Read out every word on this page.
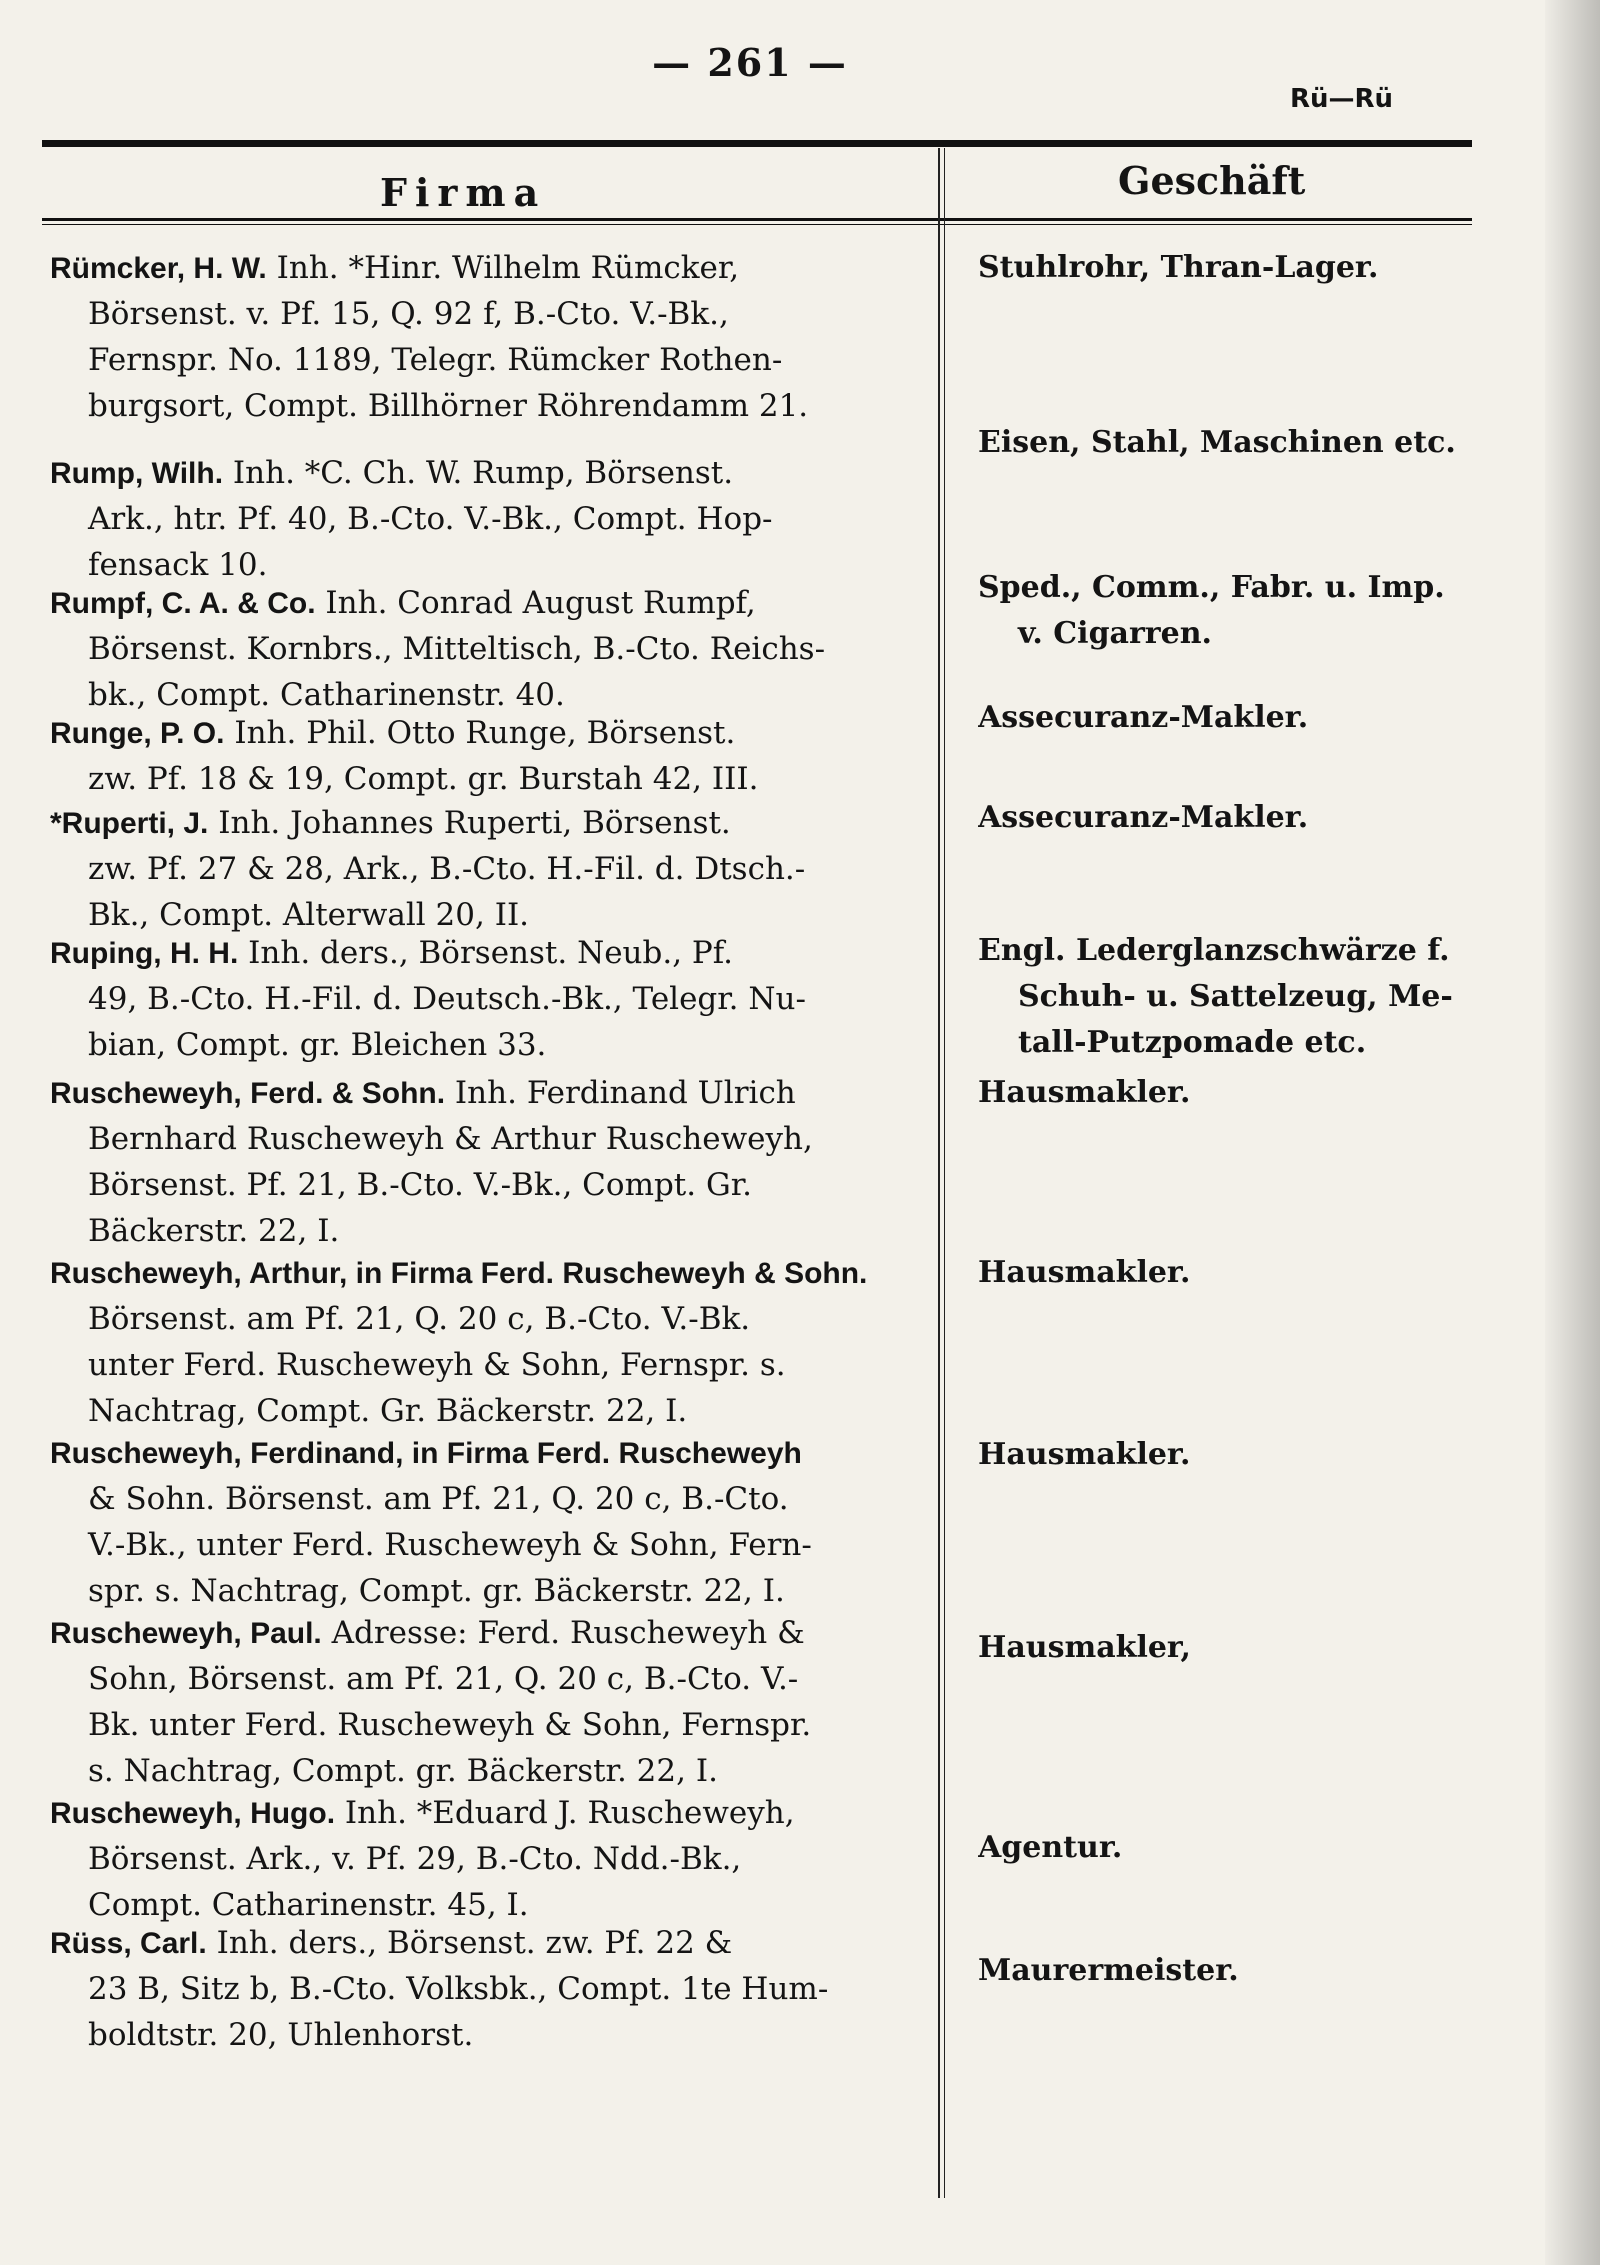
— 261 —
Rü—Rü
Firma	Geschäft
Rümcker, H. W. Inh. *Hinr. Wilhelm Rümcker,
Börsenst. v. Pf. 15, Q. 92 f, B.-Cto. V.-Bk.,
Fernspr. No. 1189, Telegr. Rümcker Rothen-
burgsort, Compt. Billhörner Röhrendamm 21.
Stuhlrohr, Thran-Lager.
Rump, Wilh. Inh. *C. Ch. W. Rump, Börsenst.
Ark., htr. Pf. 40, B.-Cto. V.-Bk., Compt. Hop-
fensack 10.
Eisen, Stahl, Maschinen etc.
Rumpf, C. A. & Co. Inh. Conrad August Rumpf,
Börsenst. Kornbrs., Mitteltisch, B.-Cto. Reichs-
bk., Compt. Catharinenstr. 40.
Sped., Comm., Fabr. u. Imp.
v. Cigarren.
Runge, P. O. Inh. Phil. Otto Runge, Börsenst.
zw. Pf. 18 & 19, Compt. gr. Burstah 42, III.
Assecuranz-Makler.
*Ruperti, J. Inh. Johannes Ruperti, Börsenst.
zw. Pf. 27 & 28, Ark., B.-Cto. H.-Fil. d. Dtsch.-
Bk., Compt. Alterwall 20, II.
Assecuranz-Makler.
Ruping, H. H. Inh. ders., Börsenst. Neub., Pf.
49, B.-Cto. H.-Fil. d. Deutsch.-Bk., Telegr. Nu-
bian, Compt. gr. Bleichen 33.
Engl. Lederglanzschwärze f.
Schuh- u. Sattelzeug, Me-
tall-Putzpomade etc.
Ruscheweyh, Ferd. & Sohn. Inh. Ferdinand Ulrich
Bernhard Ruscheweyh & Arthur Ruscheweyh,
Börsenst. Pf. 21, B.-Cto. V.-Bk., Compt. Gr.
Bäckerstr. 22, I.
Hausmakler.
Ruscheweyh, Arthur, in Firma Ferd. Ruscheweyh & Sohn.
Börsenst. am Pf. 21, Q. 20 c, B.-Cto. V.-Bk.
unter Ferd. Ruscheweyh & Sohn, Fernspr. s.
Nachtrag, Compt. Gr. Bäckerstr. 22, I.
Hausmakler.
Ruscheweyh, Ferdinand, in Firma Ferd. Ruscheweyh
& Sohn. Börsenst. am Pf. 21, Q. 20 c, B.-Cto.
V.-Bk., unter Ferd. Ruscheweyh & Sohn, Fern-
spr. s. Nachtrag, Compt. gr. Bäckerstr. 22, I.
Hausmakler.
Ruscheweyh, Paul. Adresse: Ferd. Ruscheweyh &
Sohn, Börsenst. am Pf. 21, Q. 20 c, B.-Cto. V.-
Bk. unter Ferd. Ruscheweyh & Sohn, Fernspr.
s. Nachtrag, Compt. gr. Bäckerstr. 22, I.
Hausmakler,
Ruscheweyh, Hugo. Inh. *Eduard J. Ruscheweyh,
Börsenst. Ark., v. Pf. 29, B.-Cto. Ndd.-Bk.,
Compt. Catharinenstr. 45, I.
Agentur.
Rüss, Carl. Inh. ders., Börsenst. zw. Pf. 22 &
23 B, Sitz b, B.-Cto. Volksbk., Compt. 1te Hum-
boldtstr. 20, Uhlenhorst.
Maurermeister.
